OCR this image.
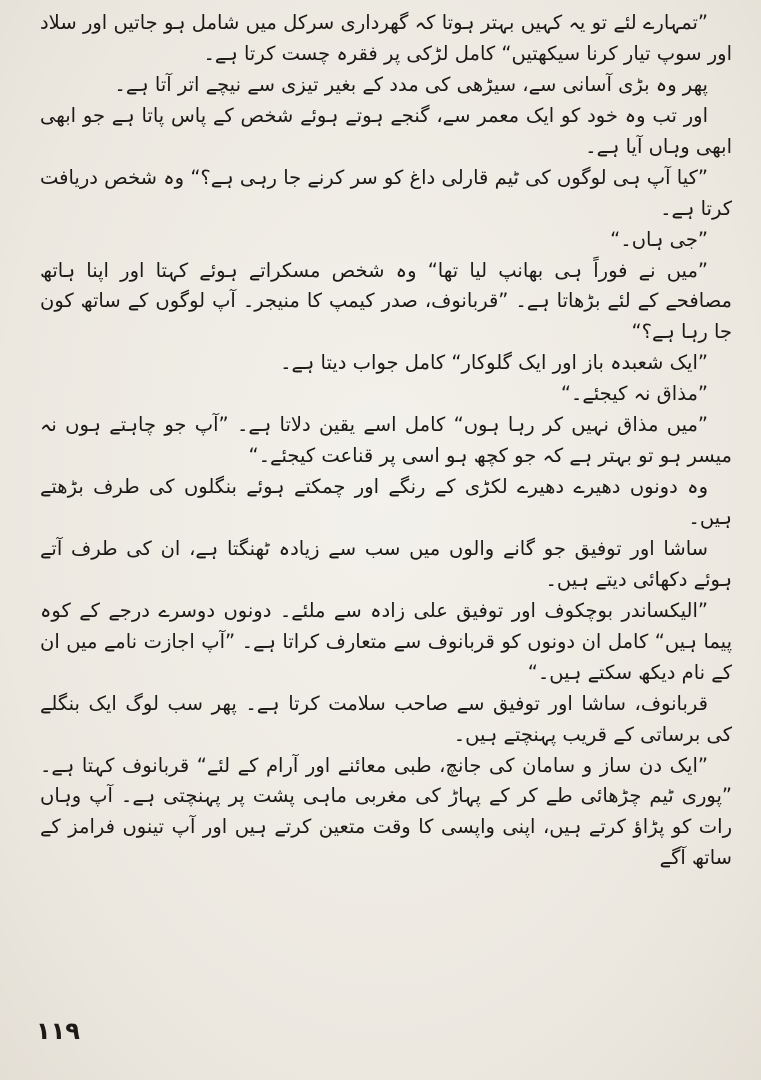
”تمہارے لئے تو یہ کہیں بہتر ہوتا کہ گھرداری سرکل میں شامل ہو جاتیں اور سلاد اور سوپ تیار کرنا سیکھتیں“ کامل لڑکی پر فقرہ چست کرتا ہے۔

پھر وہ بڑی آسانی سے، سیڑھی کی مدد کے بغیر تیزی سے نیچے اتر آتا ہے۔

اور تب وہ خود کو ایک معمر سے، گنجے ہوتے ہوئے شخص کے پاس پاتا ہے جو ابھی ابھی وہاں آیا ہے۔

”کیا آپ ہی لوگوں کی ٹیم قارلی داغ کو سر کرنے جا رہی ہے؟“ وہ شخص دریافت کرتا ہے۔

”جی ہاں۔“

”میں نے فوراً ہی بھانپ لیا تھا“ وہ شخص مسکراتے ہوئے کہتا اور اپنا ہاتھ مصافحے کے لئے بڑھاتا ہے۔ ”قربانوف، صدر کیمپ کا منیجر۔ آپ لوگوں کے ساتھ کون جا رہا ہے؟“

”ایک شعبدہ باز اور ایک گلوکار“ کامل جواب دیتا ہے۔

”مذاق نہ کیجئے۔“

”میں مذاق نہیں کر رہا ہوں“ کامل اسے یقین دلاتا ہے۔ ”آپ جو چاہتے ہوں نہ میسر ہو تو بہتر ہے کہ جو کچھ ہو اسی پر قناعت کیجئے۔“

وہ دونوں دھیرے دھیرے لکڑی کے رنگے اور چمکتے ہوئے بنگلوں کی طرف بڑھتے ہیں۔

ساشا اور توفیق جو گانے والوں میں سب سے زیادہ ٹھنگتا ہے، ان کی طرف آتے ہوئے دکھائی دیتے ہیں۔

”الیکساندر بوچکوف اور توفیق علی زادہ سے ملئے۔ دونوں دوسرے درجے کے کوہ پیما ہیں“ کامل ان دونوں کو قربانوف سے متعارف کراتا ہے۔ ”آپ اجازت نامے میں ان کے نام دیکھ سکتے ہیں۔“

قربانوف، ساشا اور توفیق سے صاحب سلامت کرتا ہے۔ پھر سب لوگ ایک بنگلے کی برساتی کے قریب پہنچتے ہیں۔

”ایک دن ساز و سامان کی جانچ، طبی معائنے اور آرام کے لئے“ قربانوف کہتا ہے۔ ”پوری ٹیم چڑھائی طے کر کے پہاڑ کی مغربی ماہی پشت پر پہنچتی ہے۔ آپ وہاں رات کو پڑاؤ کرتے ہیں، اپنی واپسی کا وقت متعین کرتے ہیں اور آپ تینوں فرامز کے ساتھ آگے

۱۱۹
